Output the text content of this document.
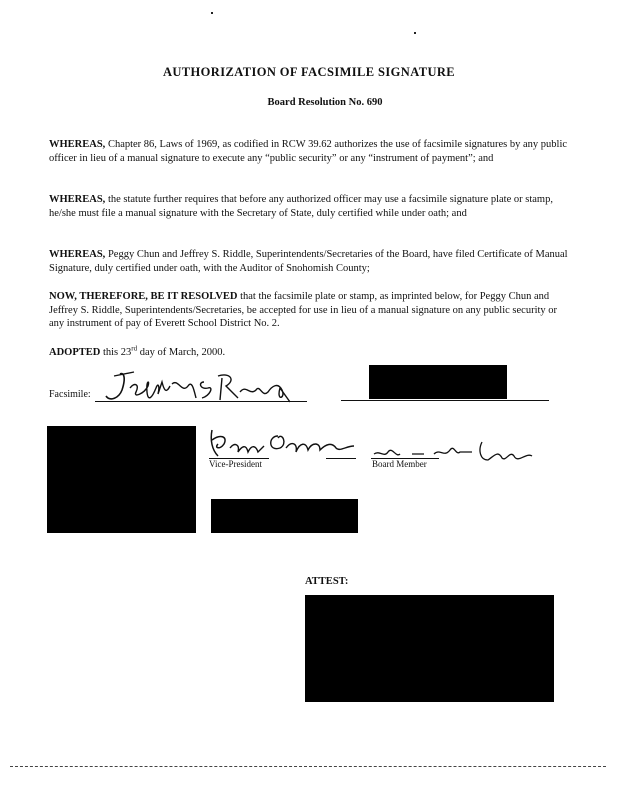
AUTHORIZATION OF FACSIMILE SIGNATURE
Board Resolution No. 690
WHEREAS, Chapter 86, Laws of 1969, as codified in RCW 39.62 authorizes the use of facsimile signatures by any public officer in lieu of a manual signature to execute any “public security” or any “instrument of payment”; and
WHEREAS, the statute further requires that before any authorized officer may use a facsimile signature plate or stamp, he/she must file a manual signature with the Secretary of State, duly certified while under oath; and
WHEREAS, Peggy Chun and Jeffrey S. Riddle, Superintendents/Secretaries of the Board, have filed Certificate of Manual Signature, duly certified under oath, with the Auditor of Snohomish County;
NOW, THEREFORE, BE IT RESOLVED that the facsimile plate or stamp, as imprinted below, for Peggy Chun and Jeffrey S. Riddle, Superintendents/Secretaries, be accepted for use in lieu of a manual signature on any public security or any instrument of pay of Everett School District No. 2.
ADOPTED this 23rd day of March, 2000.
Facsimile:
Vice-President	Board Member
ATTEST:
